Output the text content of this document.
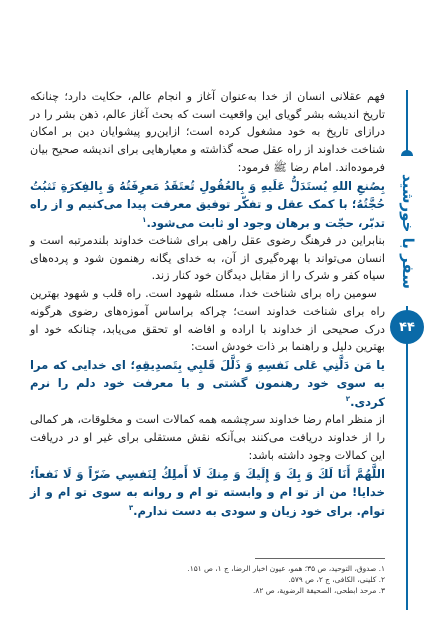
فهم عقلانی انسان از خدا به‌عنوان آغاز و انجام عالم، حکایت دارد؛ چنانکه تاریخ اندیشه بشر گویای این واقعیت است که بحث آغاز عالم، ذهن بشر را در درازای تاریخ به خود مشغول کرده است؛ ازاین‌رو پیشوایان دین بر امکان شناخت خداوند از راه عقل صحه گذاشته و معیارهایی برای اندیشه صحیح بیان فرموده‌اند. امام رضا ﷺ فرمود:

بِصُنعِ اللهِ يُستَدَلُّ عَلَيهِ وَ بِالعُقُولِ تُعتَقَدُ مَعرِفَتُهُ وَ بِالفِكرَةِ تَثبُتُ حُجَّتُهُ؛ با کمک عقل و تفکّر توفیق معرفت پیدا می‌کنیم و از راه تدبّر، حجّت و برهان وجود او ثابت می‌شود.$^۱$

بنابراین در فرهنگ رضوی عقل راهی برای شناخت خداوند بلندمرتبه است و انسان می‌تواند با بهره‌گیری از آن، به خدای یگانه رهنمون شود و پرده‌های سیاه کفر و شرک را از مقابل دیدگان خود کنار زند.

سومین راه برای شناخت خدا، مسئله شهود است. راه قلب و شهود بهترین راه برای شناخت خداوند است؛ چراکه براساس آموزه‌های رضوی هرگونه درک صحیحی از خداوند با اراده و افاضه او تحقق می‌یابد، چنانکه خود او بهترین دلیل و راهنما بر ذات خودش است:

يا مَن دَلَّنِي عَلى نَفسِهِ وَ ذَلَّلَ قَلبِي بِتَصدِيقِهِ؛ ای خدایی که مرا به سوی خود رهنمون گشتی و با معرفت خود دلم را نرم کردی.$^۲$

از منظر امام رضا خداوند سرچشمه همه کمالات است و مخلوقات، هر کمالی را از خداوند دریافت می‌کنند بی‌آنکه نقش مستقلی برای غیر او در دریافت این کمالات وجود داشته باشد:

اللَّهُمَّ أَنَا لَكَ وَ بِكَ وَ إِلَيكَ وَ مِنكَ لَا أَملِكُ لِنَفسِي ضَرّاً وَ لَا نَفعاً؛ خدایا! من از تو ام و وابسته تو ام و روانه به سوی تو ام و از توام. برای خود زیان و سودی به دست ندارم.$^۳$

۱. صدوق، التوحید، ص ۳۵؛ همو، عیون اخبار الرضا، ج ۱، ص ۱۵۱.
۲. کلینی، الکافی، ج ۲، ص ۵۷۹.
۳. مرحد ابطحی، الصحیفة الرضویة، ص ۸۲.
سفر با خورشید
۴۴
